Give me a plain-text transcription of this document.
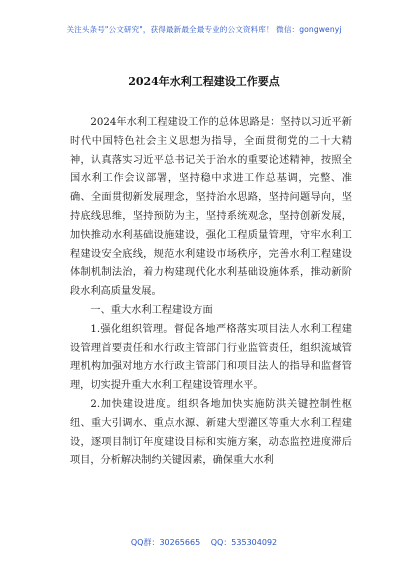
关注头条号"公文研究"，获得最新最全最专业的公文资料库！ 微信：gongwenyj
2024年水利工程建设工作要点

2024年水利工程建设工作的总体思路是：坚持以习近平新时代中国特色社会主义思想为指导，全面贯彻党的二十大精神，认真落实习近平总书记关于治水的重要论述精神，按照全国水利工作会议部署，坚持稳中求进工作总基调，完整、准确、全面贯彻新发展理念，坚持治水思路，坚持问题导向，坚持底线思维，坚持预防为主，坚持系统观念，坚持创新发展，加快推动水利基础设施建设，强化工程质量管理，守牢水利工程建设安全底线，规范水利建设市场秩序，完善水利工程建设体制机制法治，着力构建现代化水利基础设施体系，推动新阶段水利高质量发展。

一、重大水利工程建设方面

1.强化组织管理。督促各地严格落实项目法人水利工程建设管理首要责任和水行政主管部门行业监管责任，组织流域管理机构加强对地方水行政主管部门和项目法人的指导和监督管理，切实提升重大水利工程建设管理水平。

2.加快建设进度。组织各地加快实施防洪关键控制性枢纽、重大引调水、重点水源、新建大型灌区等重大水利工程建设，逐项目制订年度建设目标和实施方案，动态监控进度滞后项目，分析解决制约关键因素，确保重大水利

QQ群：30265665 QQ：535304092
